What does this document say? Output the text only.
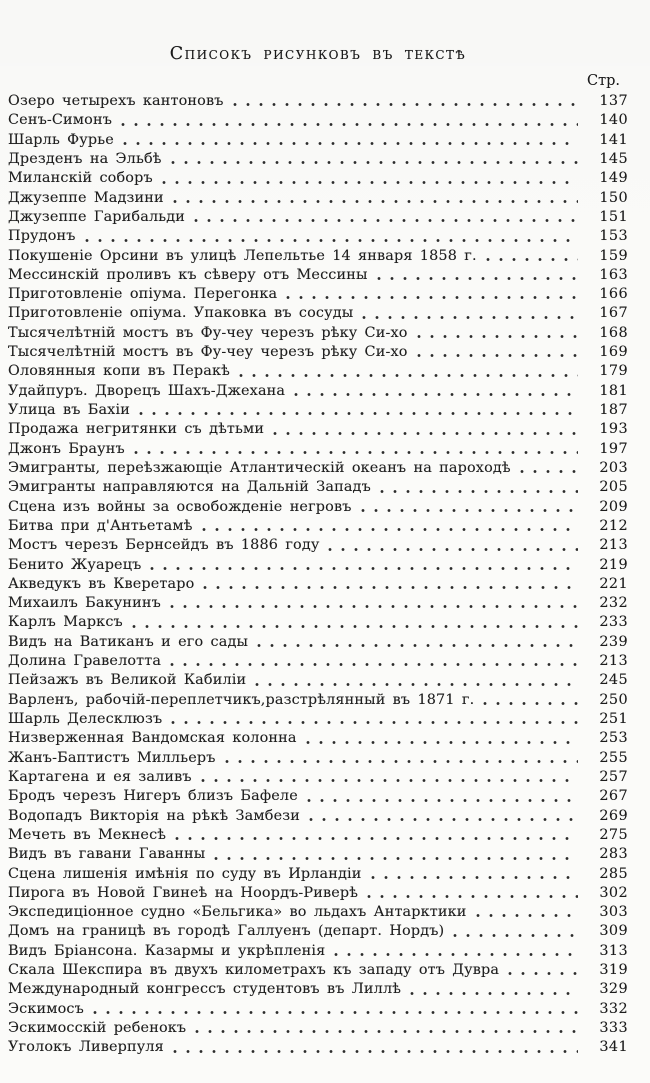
Списокъ рисунковъ въ текстѣ
Стр.
Озеро четырехъ кантоновъ	137
Сенъ-Симонъ	140
Шарль Фурье	141
Дрезденъ на Эльбѣ	145
Миланскій соборъ	149
Джузеппе Мадзини	150
Джузеппе Гарибальди	151
Прудонъ	153
Покушеніе Орсини въ улицѣ Лепельтье 14 января 1858 г.	159
Мессинскій проливъ къ сѣверу отъ Мессины	163
Приготовленіе опіума. Перегонка	166
Приготовленіе опіума. Упаковка въ сосуды	167
Тысячелѣтній мостъ въ Фу-чеу черезъ рѣку Си-хо	168
Тысячелѣтній мостъ въ Фу-чеу черезъ рѣку Си-хо	169
Оловянныя копи въ Перакѣ	179
Удайпуръ. Дворецъ Шахъ-Джехана	181
Улица въ Бахіи	187
Продажа негритянки съ дѣтьми	193
Джонъ Браунъ	197
Эмигранты, переѣзжающіе Атлантическій океанъ на пароходѣ	203
Эмигранты направляются на Дальній Западъ	205
Сцена изъ войны за освобожденіе негровъ	209
Битва при д'Антьетамѣ	212
Мостъ черезъ Бернсейдъ въ 1886 году	213
Бенито Жуарецъ	219
Акведукъ въ Кверетаро	221
Михаилъ Бакунинъ	232
Карлъ Марксъ	233
Видъ на Ватиканъ и его сады	239
Долина Гравелотта	213
Пейзажъ въ Великой Кабиліи	245
Варленъ, рабочій-переплетчикъ,разстрѣлянный въ 1871 г.	250
Шарль Делесклюзъ	251
Низверженная Вандомская колонна	253
Жанъ-Баптистъ Милльеръ	255
Картагена и ея заливъ	257
Бродъ черезъ Нигеръ близъ Бафеле	267
Водопадъ Викторія на рѣкѣ Замбези	269
Мечеть въ Мекнесѣ	275
Видъ въ гавани Гаванны	283
Сцена лишенія имѣнія по суду въ Ирландіи	285
Пирога въ Новой Гвинеѣ на Ноордъ-Риверѣ	302
Экспедиціонное судно «Бельгика» во льдахъ Антарктики	303
Домъ на границѣ въ городѣ Галлуенъ (департ. Нордъ)	309
Видъ Бріансона. Казармы и укрѣпленія	313
Скала Шекспира въ двухъ километрахъ къ западу отъ Дувра	319
Международный конгрессъ студентовъ въ Лиллѣ	329
Эскимосъ	332
Эскимосскій ребенокъ	333
Уголокъ Ливерпуля	341
